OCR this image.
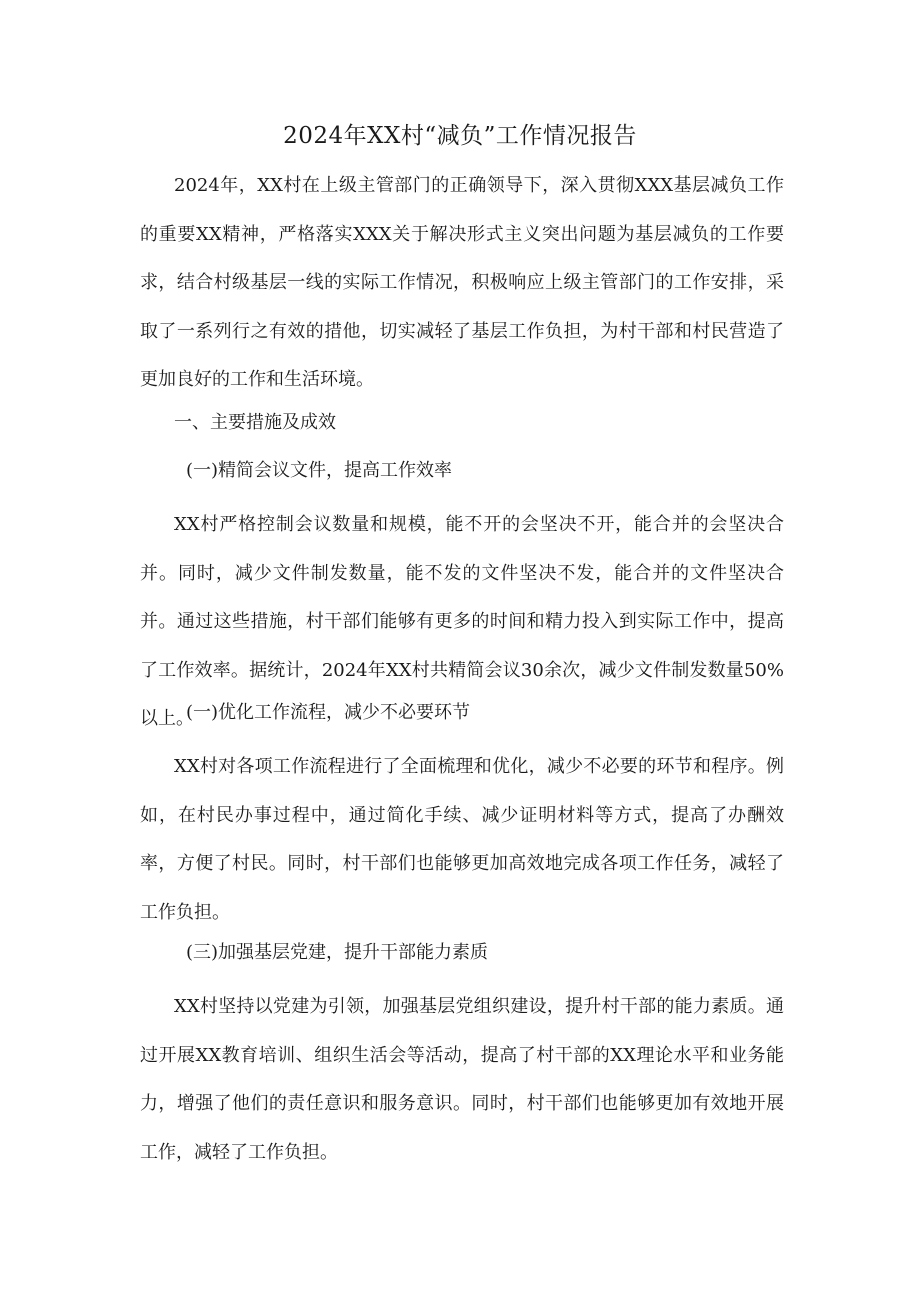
2024年XX村“减负”工作情况报告

2024年，XX村在上级主管部门的正确领导下，深入贯彻XXX基层减负工作的重要XX精神，严格落实XXX关于解决形式主义突出问题为基层减负的工作要求，结合村级基层一线的实际工作情况，积极响应上级主管部门的工作安排，采取了一系列行之有效的措他，切实减轻了基层工作负担，为村干部和村民营造了更加良好的工作和生活环境。

一、主要措施及成效
(一)精简会议文件，提高工作效率

XX村严格控制会议数量和规模，能不开的会坚决不开，能合并的会坚决合并。同时，减少文件制发数量，能不发的文件坚决不发，能合并的文件坚决合并。通过这些措施，村干部们能够有更多的时间和精力投入到实际工作中，提高了工作效率。据统计，2024年XX村共精简会议30余次，减少文件制发数量50%以上。

(一)优化工作流程，减少不必要环节

XX村对各项工作流程进行了全面梳理和优化，减少不必要的环节和程序。例如，在村民办事过程中，通过简化手续、减少证明材料等方式，提高了办酬效率，方便了村民。同时，村干部们也能够更加高效地完成各项工作任务，减轻了工作负担。

(三)加强基层党建，提升干部能力素质

XX村坚持以党建为引领，加强基层党组织建设，提升村干部的能力素质。通过开展XX教育培训、组织生活会等活动，提高了村干部的XX理论水平和业务能力，增强了他们的责任意识和服务意识。同时，村干部们也能够更加有效地开展工作，减轻了工作负担。
